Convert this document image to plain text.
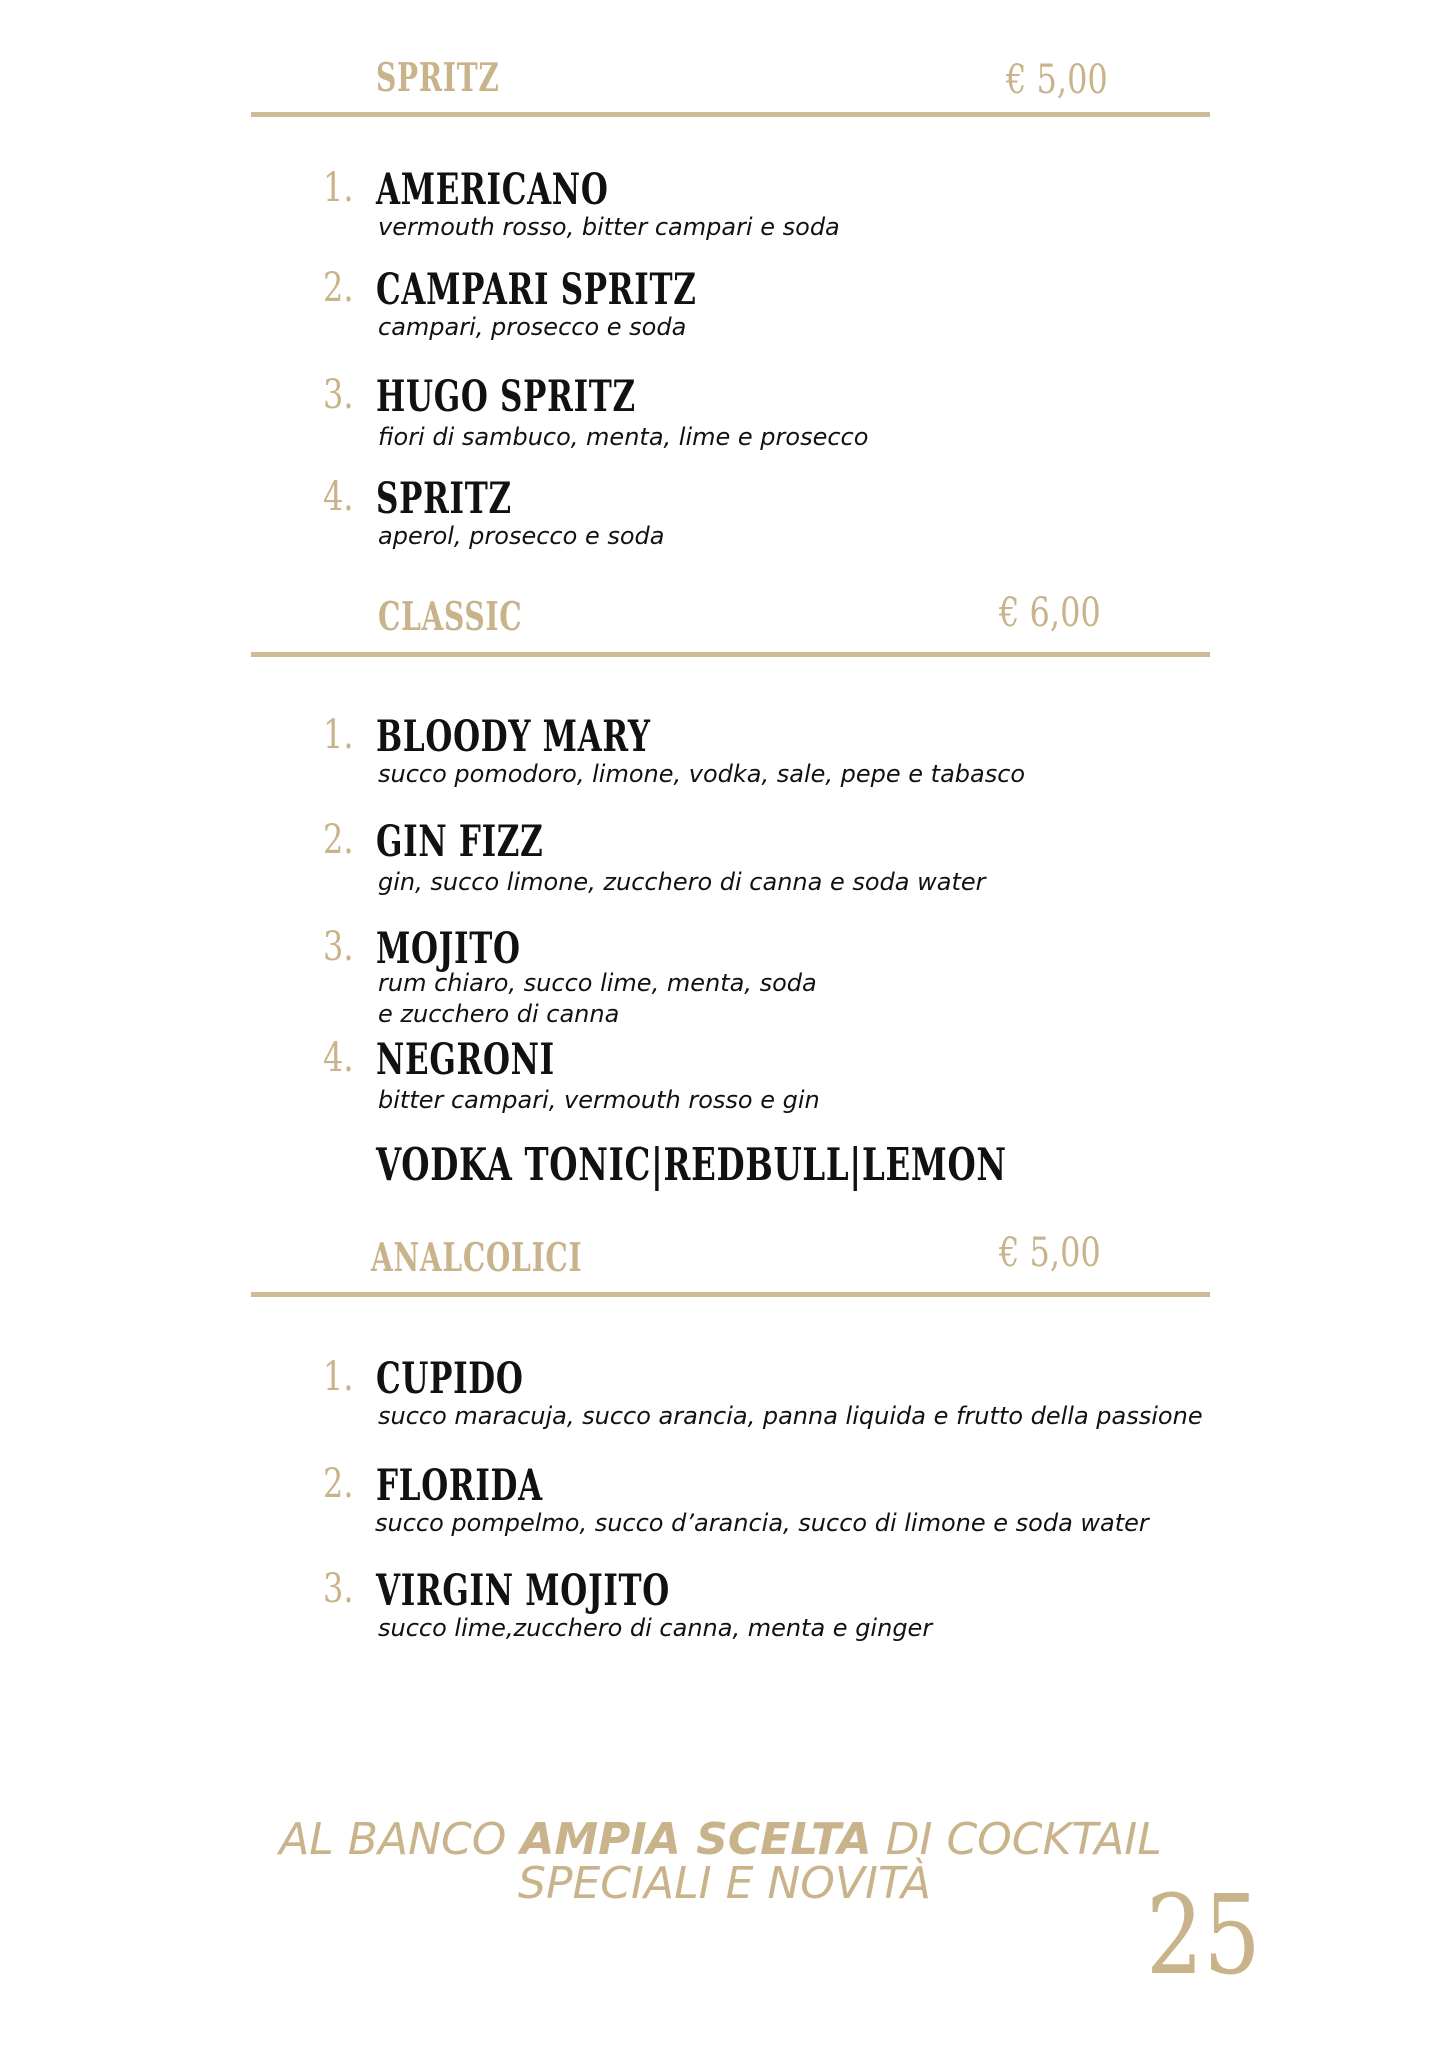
SPRITZ	€ 5,00
1. AMERICANO
vermouth rosso, bitter campari e soda
2. CAMPARI SPRITZ
campari, prosecco e soda
3. HUGO SPRITZ
fiori di sambuco, menta, lime e prosecco
4. SPRITZ
aperol, prosecco e soda
CLASSIC	€ 6,00
1. BLOODY MARY
succo pomodoro, limone, vodka, sale, pepe e tabasco
2. GIN FIZZ
gin, succo limone, zucchero di canna e soda water
3. MOJITO
rum chiaro, succo lime, menta, soda
e zucchero di canna
4. NEGRONI
bitter campari, vermouth rosso e gin
VODKA TONIC|REDBULL|LEMON
ANALCOLICI	€ 5,00
1. CUPIDO
succo maracuja, succo arancia, panna liquida e frutto della passione
2. FLORIDA
succo pompelmo, succo d’arancia, succo di limone e soda water
3. VIRGIN MOJITO
succo lime,zucchero di canna, menta e ginger
AL BANCO AMPIA SCELTA DI COCKTAIL
SPECIALI E NOVITÀ	25
